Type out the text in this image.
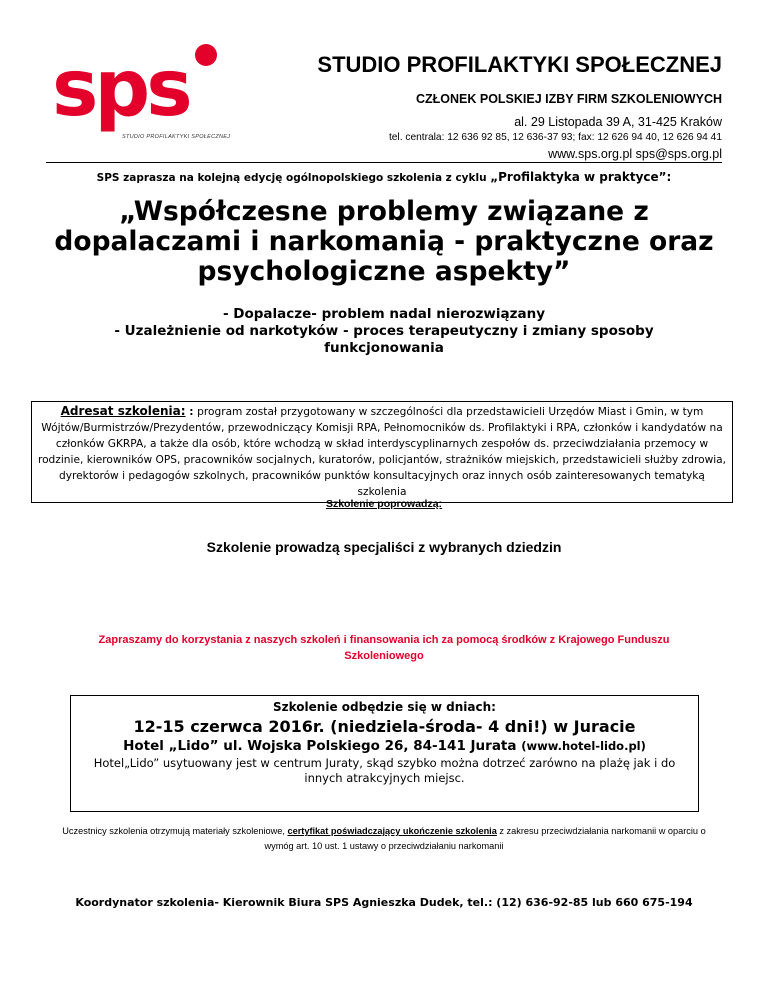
sps
STUDIO PROFILAKTYKI SPOŁECZNEJ
STUDIO PROFILAKTYKI SPOŁECZNEJ
CZŁONEK POLSKIEJ IZBY FIRM SZKOLENIOWYCH
al. 29 Listopada 39 A, 31-425 Kraków
tel. centrala: 12 636 92 85, 12 636-37 93; fax: 12 626 94 40, 12 626 94 41
www.sps.org.pl sps@sps.org.pl
SPS zaprasza na kolejną edycję ogólnopolskiego szkolenia z cyklu „Profilaktyka w praktyce”:
„Współczesne problemy związane z
dopalaczami i narkomanią - praktyczne oraz
psychologiczne aspekty”
- Dopalacze- problem nadal nierozwiązany
- Uzależnienie od narkotyków - proces terapeutyczny i zmiany sposoby
funkcjonowania
Adresat szkolenia: : program został przygotowany w szczególności dla przedstawicieli Urzędów Miast i Gmin, w tym Wójtów/Burmistrzów/Prezydentów, przewodniczący Komisji RPA, Pełnomocników ds. Profilaktyki i RPA, członków i kandydatów na członków GKRPA, a także dla osób, które wchodzą w skład interdyscyplinarnych zespołów ds. przeciwdziałania przemocy w rodzinie, kierowników OPS, pracowników socjalnych, kuratorów, policjantów, strażników miejskich, przedstawicieli służby zdrowia, dyrektorów i pedagogów szkolnych, pracowników punktów konsultacyjnych oraz innych osób zainteresowanych tematyką szkolenia
Szkolenie poprowadzą:
Szkolenie prowadzą specjaliści z wybranych dziedzin
Zapraszamy do korzystania z naszych szkoleń i finansowania ich za pomocą środków z Krajowego Funduszu Szkoleniowego
Szkolenie odbędzie się w dniach:
12-15 czerwca 2016r. (niedziela-środa- 4 dni!) w Juracie
Hotel „Lido” ul. Wojska Polskiego 26, 84-141 Jurata (www.hotel-lido.pl)
Hotel„Lido” usytuowany jest w centrum Juraty, skąd szybko można dotrzeć zarówno na plażę jak i do innych atrakcyjnych miejsc.
Uczestnicy szkolenia otrzymują materiały szkoleniowe, certyfikat poświadczający ukończenie szkolenia z zakresu przeciwdziałania narkomanii w oparciu o wymóg art. 10 ust. 1 ustawy o przeciwdziałaniu narkomanii
Koordynator szkolenia- Kierownik Biura SPS Agnieszka Dudek, tel.: (12) 636-92-85 lub 660 675-194
